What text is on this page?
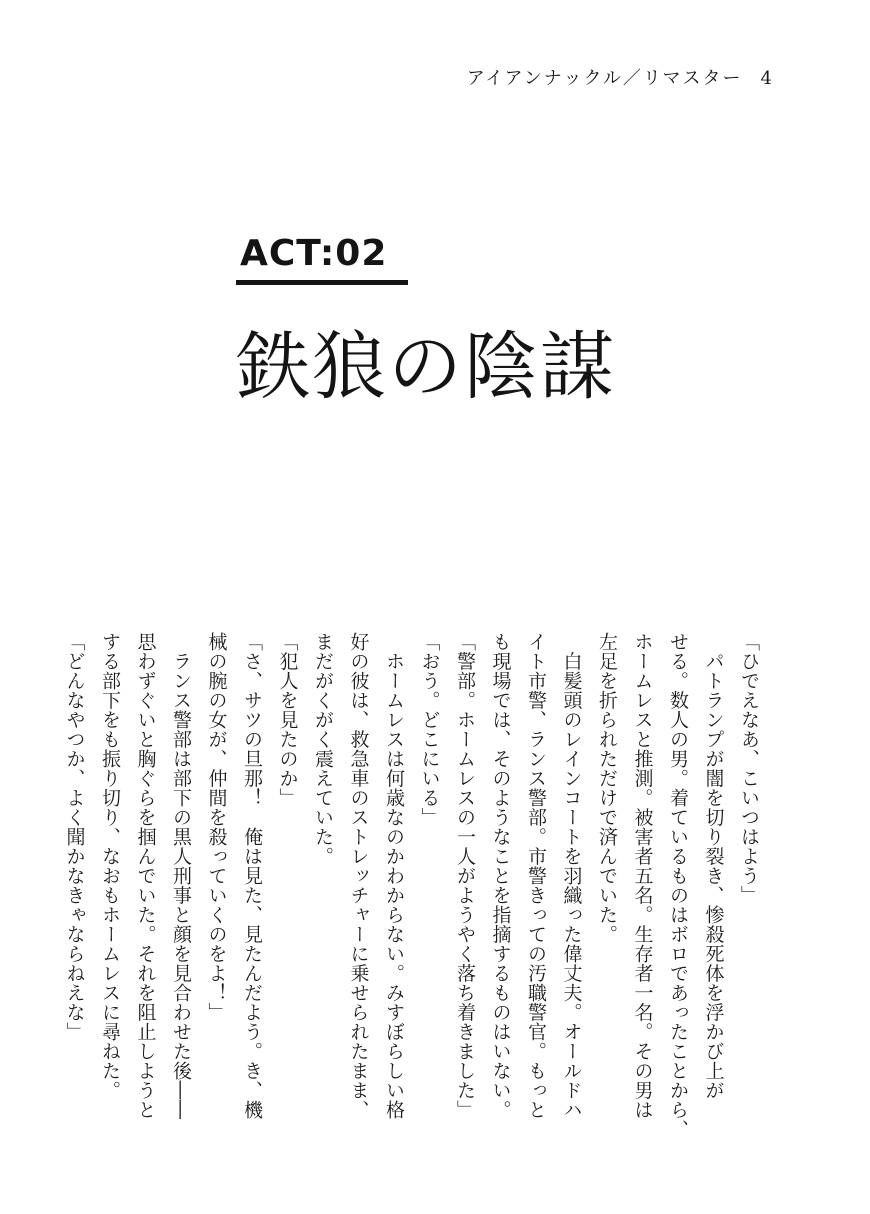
アイアンナックル／リマスター 4
ACT:02
鉄狼の陰謀
「ひでえなあ、こいつはよう」
　パトランプが闇を切り裂き、惨殺死体を浮かび上が
せる。数人の男。着ているものはボロであったことから、
ホームレスと推測。被害者五名。生存者一名。その男は
左足を折られただけで済んでいた。
　白髪頭のレインコートを羽織った偉丈夫。オールドハ
イト市警、ランス警部。市警きっての汚職警官。もっと
も現場では、そのようなことを指摘するものはいない。
「警部。ホームレスの一人がようやく落ち着きました」
「おう。どこにいる」
　ホームレスは何歳なのかわからない。みすぼらしい格
好の彼は、救急車のストレッチャーに乗せられたまま、
まだがくがく震えていた。
「犯人を見たのか」
「さ、サツの旦那！　俺は見た、見たんだよう。き、機
械の腕の女が、仲間を殺っていくのをよ！」
　ランス警部は部下の黒人刑事と顔を見合わせた後――
思わずぐいと胸ぐらを掴んでいた。それを阻止しようと
する部下をも振り切り、なおもホームレスに尋ねた。
「どんなやつか、よく聞かなきゃならねえな」
